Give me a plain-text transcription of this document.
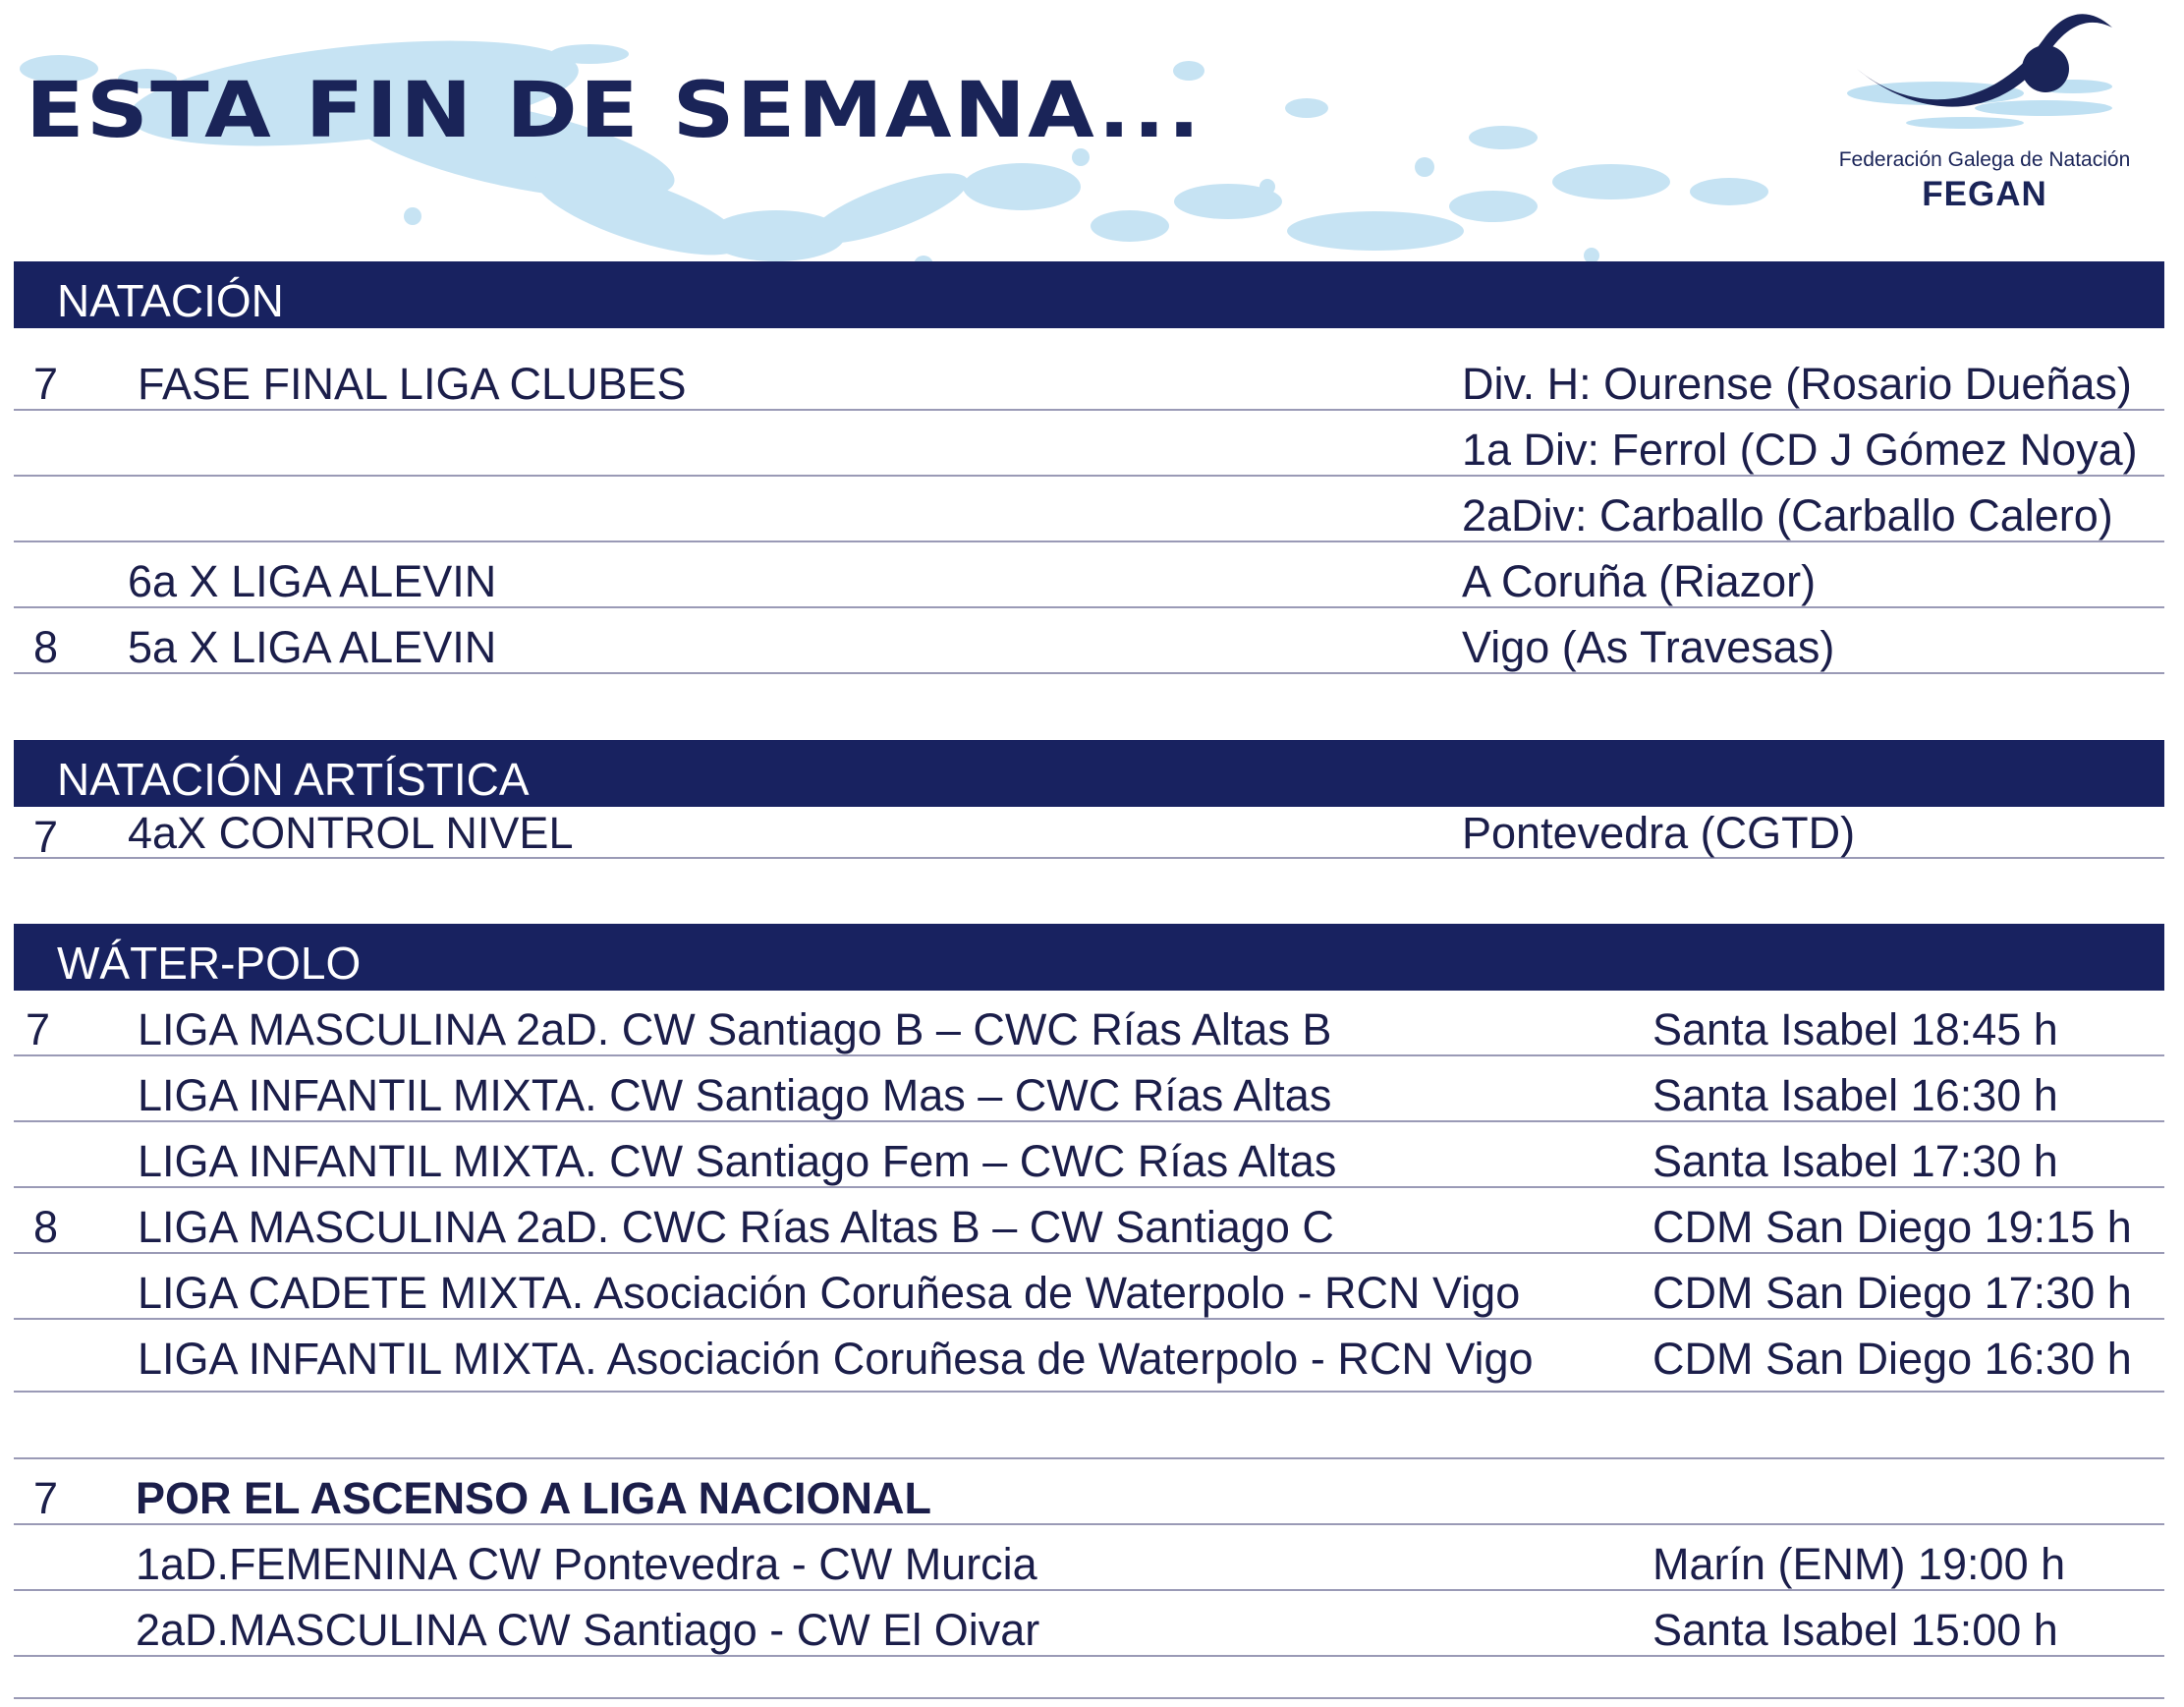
ESTA FIN DE SEMANA...
Federación Galega de Natación
FEGAN
NATACIÓN
7 FASE FINAL LIGA CLUBES	Div. H: Ourense (Rosario Dueñas)
1a Div: Ferrol (CD J Gómez Noya)
2aDiv: Carballo (Carballo Calero)
6a X LIGA ALEVIN	A Coruña (Riazor)
8 5a X LIGA ALEVIN	Vigo (As Travesas)
NATACIÓN ARTÍSTICA
7 4aX CONTROL NIVEL	Pontevedra (CGTD)
WÁTER-POLO
7 LIGA MASCULINA 2aD. CW Santiago B – CWC Rías Altas B	Santa Isabel 18:45 h
LIGA INFANTIL MIXTA. CW Santiago Mas – CWC Rías Altas	Santa Isabel 16:30 h
LIGA INFANTIL MIXTA. CW Santiago Fem – CWC Rías Altas	Santa Isabel 17:30 h
8 LIGA MASCULINA 2aD. CWC Rías Altas B – CW Santiago C	CDM San Diego 19:15 h
LIGA CADETE MIXTA. Asociación Coruñesa de Waterpolo - RCN Vigo	CDM San Diego 17:30 h
LIGA INFANTIL MIXTA. Asociación Coruñesa de Waterpolo - RCN Vigo	CDM San Diego 16:30 h
7 POR EL ASCENSO A LIGA NACIONAL
1aD.FEMENINA CW Pontevedra - CW Murcia	Marín (ENM) 19:00 h
2aD.MASCULINA CW Santiago - CW El Oivar	Santa Isabel 15:00 h
